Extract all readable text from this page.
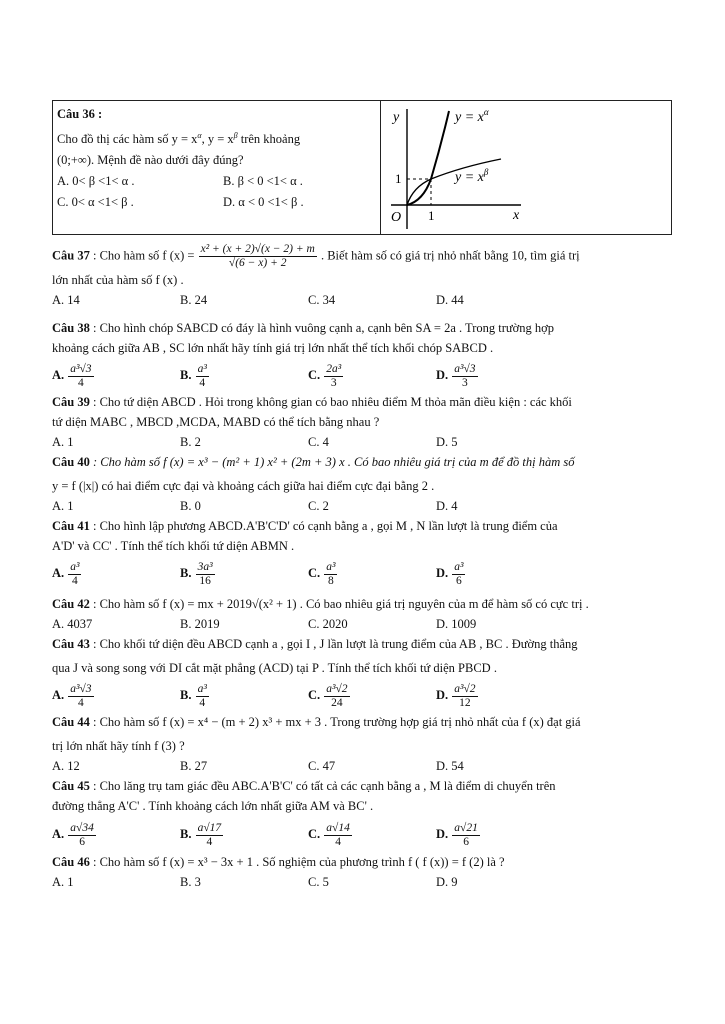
Câu 36 :
Cho đồ thị các hàm số $y = x^\alpha$, $y = x^\beta$ trên khoảng
(0;+∞). Mệnh đề nào dưới đây đúng?
A. 0< β <1< α .	B. β < 0 <1< α .
C. 0< α <1< β .	D. α < 0 <1< β .
y
x
O 1
1
$y = x^\alpha$
$y = x^\beta$
Câu 37 : Cho hàm số f $(x) = \frac{\text{x² + (x + 2)√(x − 2) + m}}{√(6 - x) + 2}$ . Biết hàm số có giá trị nhỏ nhất bằng 10, tìm giá trị
lớn nhất của hàm số f (x) .
A. 14	B. 24	C. 34	D. 44
Câu 38 : Cho hình chóp SABCD có đáy là hình vuông cạnh a, cạnh bên SA = 2a . Trong trường hợp
khoảng cách giữa AB , SC lớn nhất hãy tính giá trị lớn nhất thể tích khối chóp SABCD .
A. $\frac{\text{a³√3}}{4}$	B. $\frac{\text{a³}}{4}$	C. $\frac{\text{2a³}}{3}$	D. $\frac{\text{a³√3}}{3}$
Câu 39 : Cho tứ diện ABCD . Hỏi trong không gian có bao nhiêu điểm M thỏa mãn điều kiện : các khối
tứ diện MABC , MBCD ,MCDA, MABD có thể tích bằng nhau ?
A. 1	B. 2	C. 4	D. 5
Câu 40 : Cho hàm số f (x) = x³ − (m² + 1) x² + (2m + 3) x . Có bao nhiêu giá trị của m để đồ thị hàm số
y = f (|x|) có hai điểm cực đại và khoảng cách giữa hai điểm cực đại bằng 2 .
A. 1	B. 0	C. 2	D. 4
Câu 41 : Cho hình lập phương ABCD.A'B'C'D' có cạnh bằng a , gọi M , N lần lượt là trung điểm của
A'D' và CC' . Tính thể tích khối tứ diện ABMN .
A. $\frac{\text{a³}}{4}$	B. $\frac{\text{3a³}}{16}$	C. $\frac{\text{a³}}{8}$	D. $\frac{\text{a³}}{6}$
Câu 42 : Cho hàm số f (x) = mx + 2019√(x² + 1) . Có bao nhiêu giá trị nguyên của m để hàm số có cực trị .
A. 4037	B. 2019	C. 2020	D. 1009
Câu 43 : Cho khối tứ diện đều ABCD cạnh a , gọi I , J lần lượt là trung điểm của AB , BC . Đường thẳng
qua J và song song với DI cắt mặt phẳng (ACD) tại P . Tính thể tích khối tứ diện PBCD .
A. $\frac{\text{a³√3}}{4}$	B. $\frac{\text{a³}}{4}$	C. $\frac{\text{a³√2}}{24}$	D. $\frac{\text{a³√2}}{12}$
Câu 44 : Cho hàm số f (x) = x⁴ − (m + 2) x³ + mx + 3 . Trong trường hợp giá trị nhỏ nhất của f (x) đạt giá
trị lớn nhất hãy tính f (3) ?
A. 12	B. 27	C. 47	D. 54
Câu 45 : Cho lăng trụ tam giác đều ABC.A'B'C' có tất cả các cạnh bằng a , M là điểm di chuyển trên
đường thẳng A'C' . Tính khoảng cách lớn nhất giữa AM và BC' .
A. $\frac{a√34}{6}$	B. $\frac{a√17}{4}$	C. $\frac{a√14}{4}$	D. $\frac{a√21}{6}$
Câu 46 : Cho hàm số f (x) = x³ − 3x + 1 . Số nghiệm của phương trình f ( f (x)) = f (2) là ?
A. 1	B. 3	C. 5	D. 9
